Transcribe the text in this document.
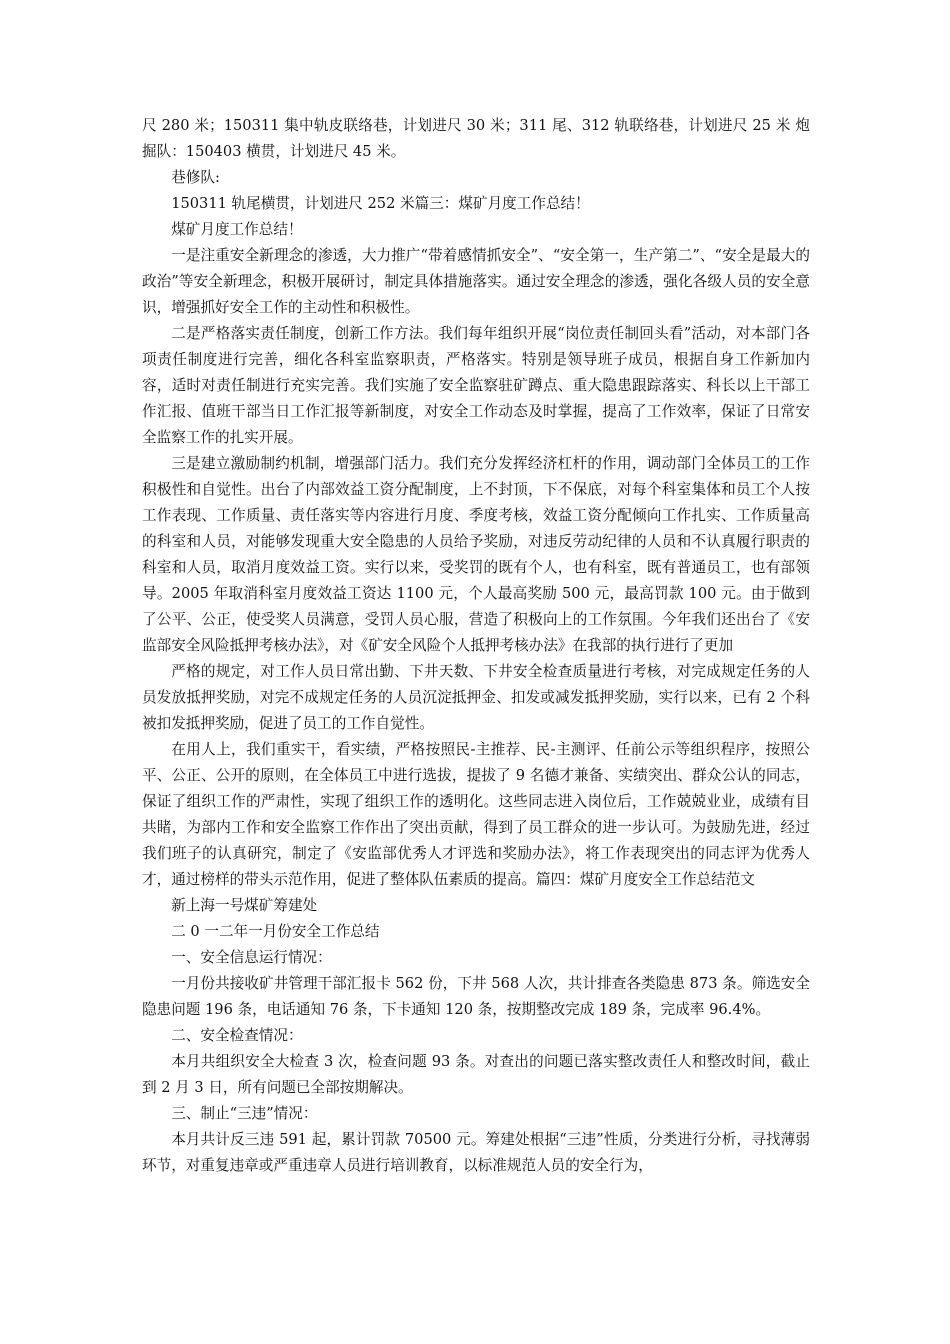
尺 280 米；150311 集中轨皮联络巷，计划进尺 30 米；311 尾、312 轨联络巷，计划进尺 25 米 炮掘队：150403 横贯，计划进尺 45 米。

巷修队:

150311 轨尾横贯，计划进尺 252 米篇三：煤矿月度工作总结！

煤矿月度工作总结！

一是注重安全新理念的渗透，大力推广“带着感情抓安全”、“安全第一，生产第二”、“安全是最大的政治”等安全新理念，积极开展研讨，制定具体措施落实。通过安全理念的渗透，强化各级人员的安全意识，增强抓好安全工作的主动性和积极性。

二是严格落实责任制度，创新工作方法。我们每年组织开展“岗位责任制回头看”活动，对本部门各项责任制度进行完善，细化各科室监察职责，严格落实。特别是领导班子成员，根据自身工作新加内容，适时对责任制进行充实完善。我们实施了安全监察驻矿蹲点、重大隐患跟踪落实、科长以上干部工作汇报、值班干部当日工作汇报等新制度，对安全工作动态及时掌握，提高了工作效率，保证了日常安全监察工作的扎实开展。

三是建立激励制约机制，增强部门活力。我们充分发挥经济杠杆的作用，调动部门全体员工的工作积极性和自觉性。出台了内部效益工资分配制度，上不封顶，下不保底，对每个科室集体和员工个人按工作表现、工作质量、责任落实等内容进行月度、季度考核，效益工资分配倾向工作扎实、工作质量高的科室和人员，对能够发现重大安全隐患的人员给予奖励，对违反劳动纪律的人员和不认真履行职责的科室和人员，取消月度效益工资。实行以来，受奖罚的既有个人，也有科室，既有普通员工，也有部领导。2005 年取消科室月度效益工资达 1100 元，个人最高奖励 500 元，最高罚款 100 元。由于做到了公平、公正，使受奖人员满意，受罚人员心服，营造了积极向上的工作氛围。今年我们还出台了《安监部安全风险抵押考核办法》，对《矿安全风险个人抵押考核办法》在我部的执行进行了更加

严格的规定，对工作人员日常出勤、下井天数、下井安全检查质量进行考核，对完成规定任务的人员发放抵押奖励，对完不成规定任务的人员沉淀抵押金、扣发或减发抵押奖励，实行以来，已有 2 个科被扣发抵押奖励，促进了员工的工作自觉性。

在用人上，我们重实干，看实绩，严格按照民-主推荐、民-主测评、任前公示等组织程序，按照公平、公正、公开的原则，在全体员工中进行选拔，提拔了 9 名德才兼备、实绩突出、群众公认的同志，保证了组织工作的严肃性，实现了组织工作的透明化。这些同志进入岗位后，工作兢兢业业，成绩有目共睹，为部内工作和安全监察工作作出了突出贡献，得到了员工群众的进一步认可。为鼓励先进，经过我们班子的认真研究，制定了《安监部优秀人才评选和奖励办法》，将工作表现突出的同志评为优秀人才，通过榜样的带头示范作用，促进了整体队伍素质的提高。篇四：煤矿月度安全工作总结范文

新上海一号煤矿筹建处

二 0 一二年一月份安全工作总结

一、安全信息运行情况：

一月份共接收矿井管理干部汇报卡 562 份，下井 568 人次，共计排查各类隐患 873 条。筛选安全隐患问题 196 条，电话通知 76 条，下卡通知 120 条，按期整改完成 189 条，完成率 96.4%。

二、安全检查情况：

本月共组织安全大检查 3 次，检查问题 93 条。对查出的问题已落实整改责任人和整改时间，截止到 2 月 3 日，所有问题已全部按期解决。

三、制止“三违”情况：

本月共计反三违 591 起，累计罚款 70500 元。筹建处根据“三违”性质，分类进行分析，寻找薄弱环节，对重复违章或严重违章人员进行培训教育，以标准规范人员的安全行为，
